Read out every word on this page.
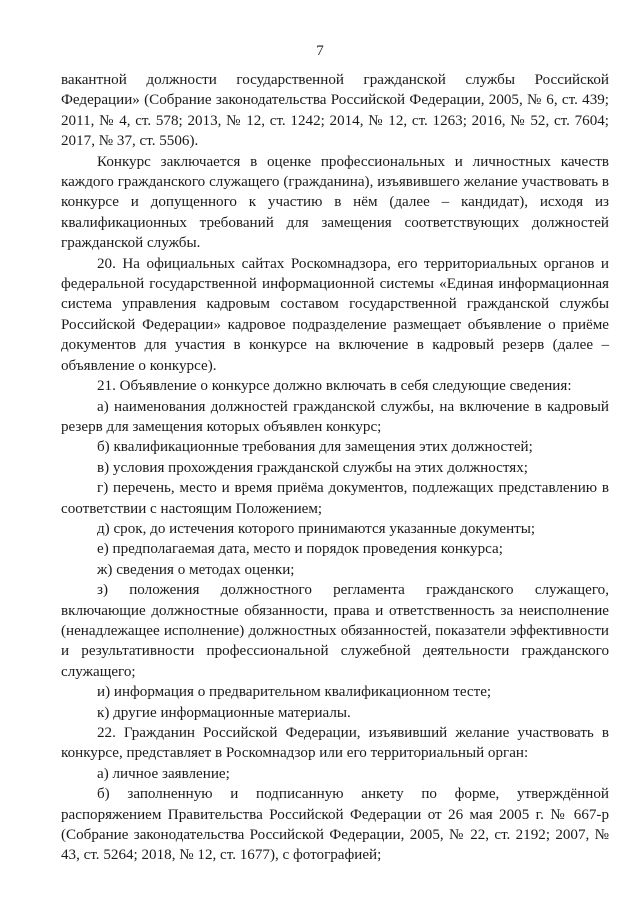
7

вакантной должности государственной гражданской службы Российской Федерации» (Собрание законодательства Российской Федерации, 2005, № 6, ст. 439; 2011, № 4, ст. 578; 2013, № 12, ст. 1242; 2014, № 12, ст. 1263; 2016, № 52, ст. 7604; 2017, № 37, ст. 5506).

Конкурс заключается в оценке профессиональных и личностных качеств каждого гражданского служащего (гражданина), изъявившего желание участвовать в конкурсе и допущенного к участию в нём (далее – кандидат), исходя из квалификационных требований для замещения соответствующих должностей гражданской службы.

20. На официальных сайтах Роскомнадзора, его территориальных органов и федеральной государственной информационной системы «Единая информационная система управления кадровым составом государственной гражданской службы Российской Федерации» кадровое подразделение размещает объявление о приёме документов для участия в конкурсе на включение в кадровый резерв (далее – объявление о конкурсе).

21. Объявление о конкурсе должно включать в себя следующие сведения:

а) наименования должностей гражданской службы, на включение в кадровый резерв для замещения которых объявлен конкурс;

б) квалификационные требования для замещения этих должностей;

в) условия прохождения гражданской службы на этих должностях;

г) перечень, место и время приёма документов, подлежащих представлению в соответствии с настоящим Положением;

д) срок, до истечения которого принимаются указанные документы;

е) предполагаемая дата, место и порядок проведения конкурса;

ж) сведения о методах оценки;

з) положения должностного регламента гражданского служащего, включающие должностные обязанности, права и ответственность за неисполнение (ненадлежащее исполнение) должностных обязанностей, показатели эффективности и результативности профессиональной служебной деятельности гражданского служащего;

и) информация о предварительном квалификационном тесте;

к) другие информационные материалы.

22. Гражданин Российской Федерации, изъявивший желание участвовать в конкурсе, представляет в Роскомнадзор или его территориальный орган:

а) личное заявление;

б) заполненную и подписанную анкету по форме, утверждённой распоряжением Правительства Российской Федерации от 26 мая 2005 г. № 667-р (Собрание законодательства Российской Федерации, 2005, № 22, ст. 2192; 2007, № 43, ст. 5264; 2018, № 12, ст. 1677), с фотографией;
